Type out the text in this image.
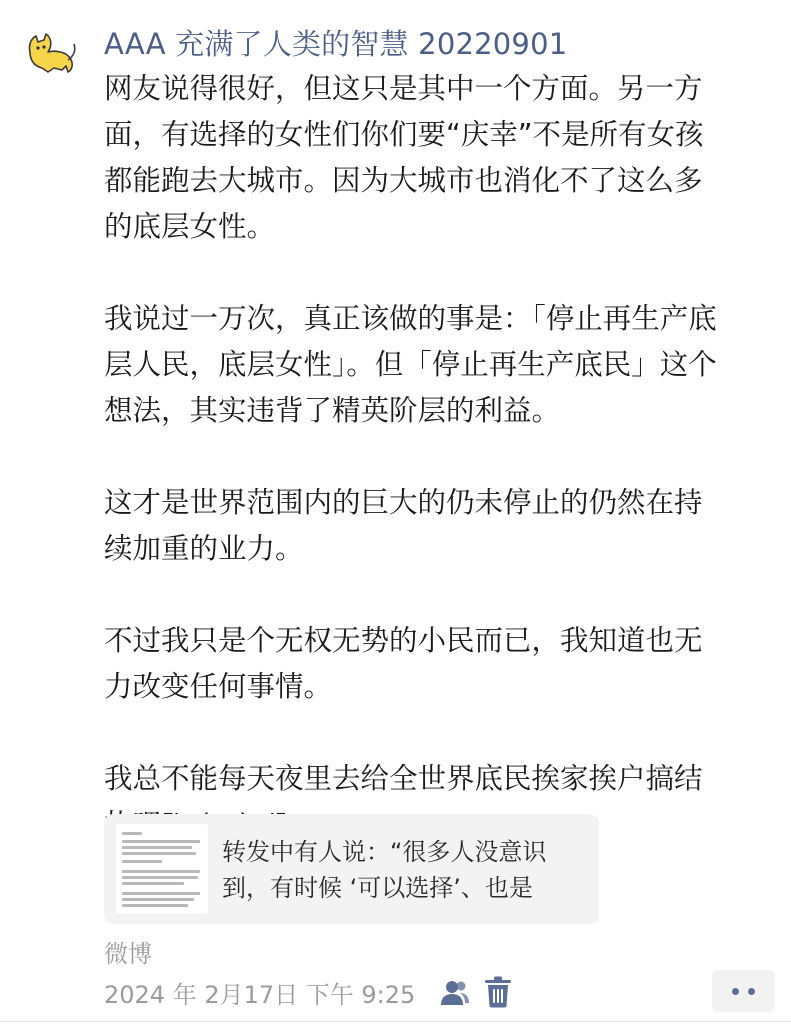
AAA 充满了人类的智慧 20220901

网友说得很好，但这只是其中一个方面。另一方
面，有选择的女性们你们要“庆幸”不是所有女孩
都能跑去大城市。因为大城市也消化不了这么多
的底层女性。

我说过一万次，真正该做的事是：「停止再生产底
层人民，底层女性」。但「停止再生产底民」这个
想法，其实违背了精英阶层的利益。

这才是世界范围内的巨大的仍未停止的仍然在持
续加重的业力。

不过我只是个无权无势的小民而已，我知道也无
力改变任何事情。

我总不能每天夜里去给全世界底民挨家挨户搞结

转发中有人说：“很多人没意识
到，有时候 ‘可以选择’、也是
微博
2024 年 2月17日 下午 9:25
